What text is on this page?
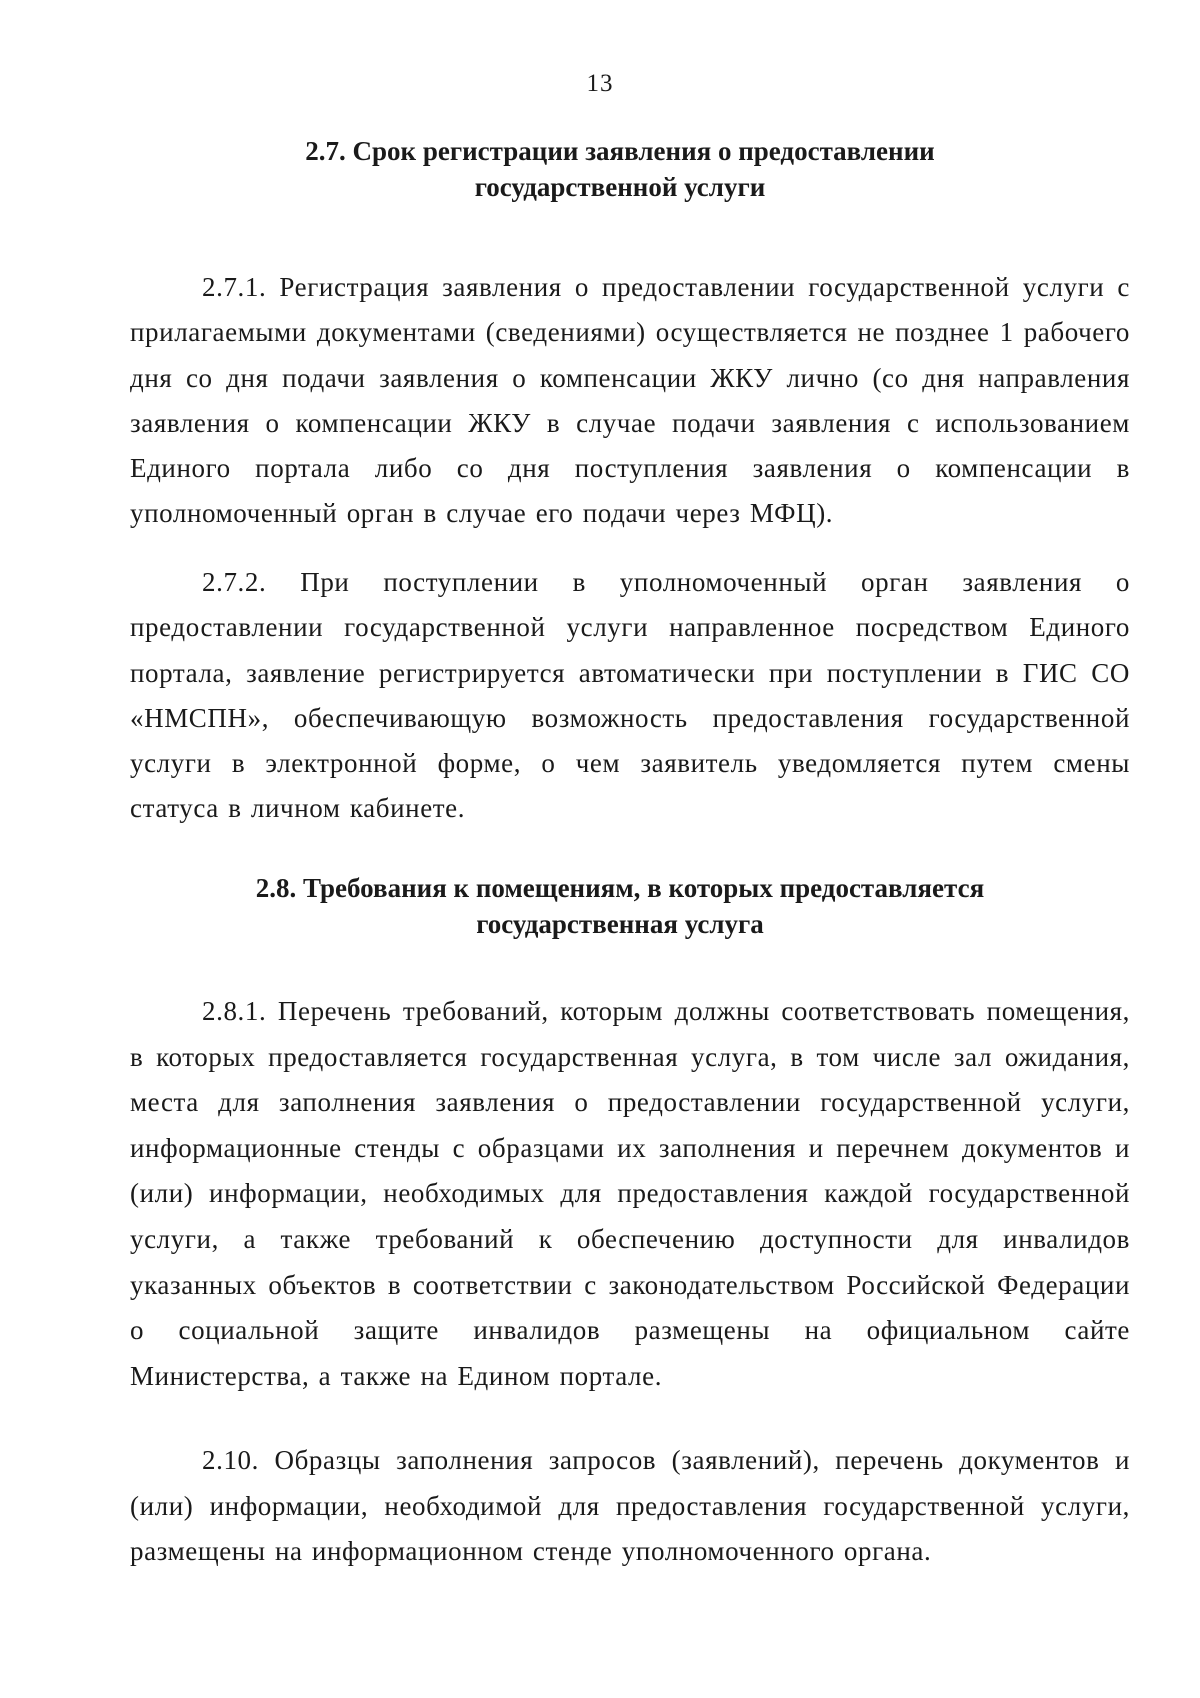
13
2.7. Срок регистрации заявления о предоставлении
государственной услуги

2.7.1. Регистрация заявления о предоставлении государственной услуги с прилагаемыми документами (сведениями) осуществляется не позднее 1 рабочего дня со дня подачи заявления о компенсации ЖКУ лично (со дня направления заявления о компенсации ЖКУ в случае подачи заявления с использованием Единого портала либо со дня поступления заявления о компенсации в уполномоченный орган в случае его подачи через МФЦ).

2.7.2. При поступлении в уполномоченный орган заявления о предоставлении государственной услуги направленное посредством Единого портала, заявление регистрируется автоматически при поступлении в ГИС СО «НМСПН», обеспечивающую возможность предоставления государственной услуги в электронной форме, о чем заявитель уведомляется путем смены статуса в личном кабинете.

2.8. Требования к помещениям, в которых предоставляется
государственная услуга

2.8.1. Перечень требований, которым должны соответствовать помещения, в которых предоставляется государственная услуга, в том числе зал ожидания, места для заполнения заявления о предоставлении государственной услуги, информационные стенды с образцами их заполнения и перечнем документов и (или) информации, необходимых для предоставления каждой государственной услуги, а также требований к обеспечению доступности для инвалидов указанных объектов в соответствии с законодательством Российской Федерации о социальной защите инвалидов размещены на официальном сайте Министерства, а также на Едином портале.

2.10. Образцы заполнения запросов (заявлений), перечень документов и (или) информации, необходимой для предоставления государственной услуги, размещены на информационном стенде уполномоченного органа.
